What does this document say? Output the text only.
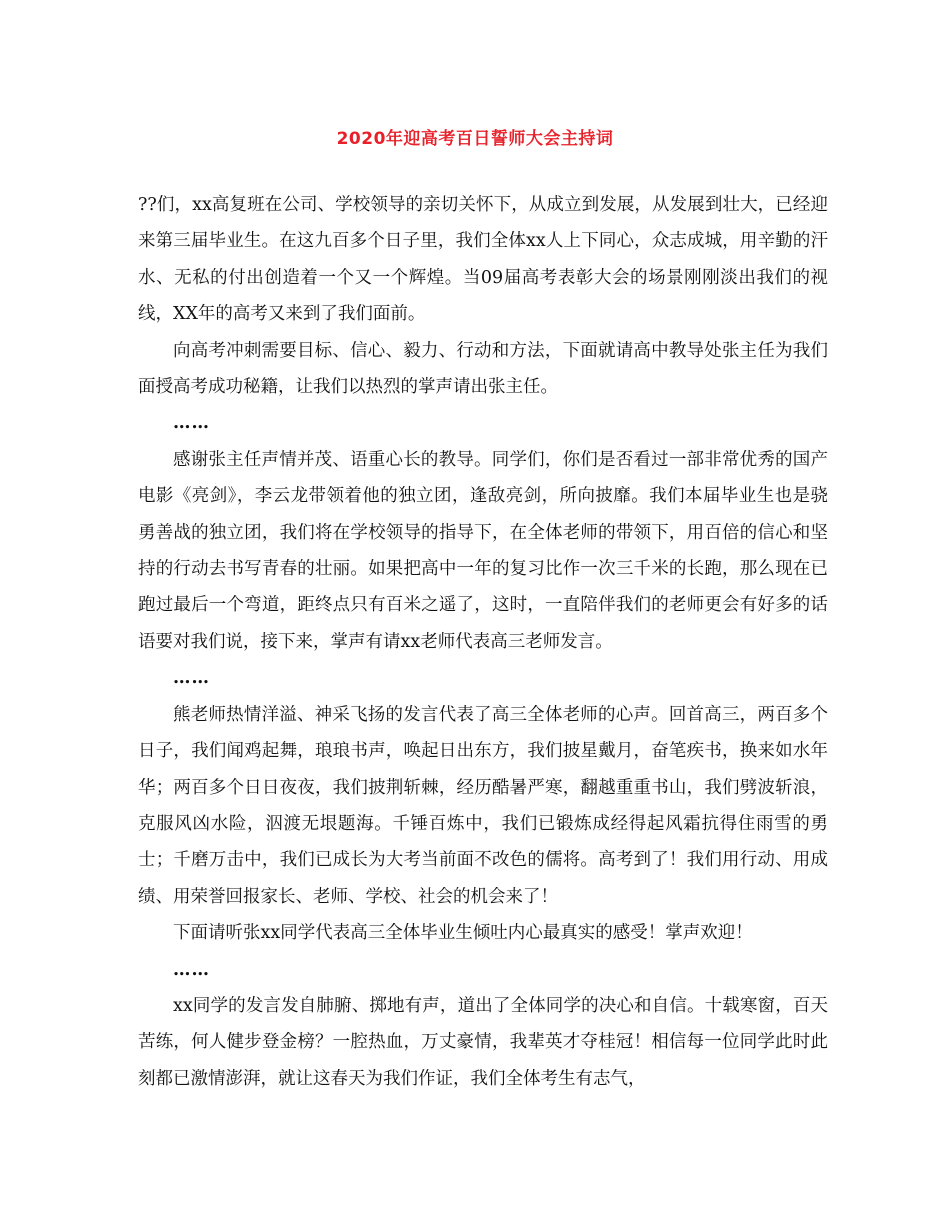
2020年迎高考百日誓师大会主持词

??们，xx高复班在公司、学校领导的亲切关怀下，从成立到发展，从发展到壮大，已经迎来第三届毕业生。在这九百多个日子里，我们全体xx人上下同心，众志成城，用辛勤的汗水、无私的付出创造着一个又一个辉煌。当09届高考表彰大会的场景刚刚淡出我们的视线，XX年的高考又来到了我们面前。

向高考冲刺需要目标、信心、毅力、行动和方法，下面就请高中教导处张主任为我们面授高考成功秘籍，让我们以热烈的掌声请出张主任。

……

感谢张主任声情并茂、语重心长的教导。同学们，你们是否看过一部非常优秀的国产电影《亮剑》，李云龙带领着他的独立团，逢敌亮剑，所向披靡。我们本届毕业生也是骁勇善战的独立团，我们将在学校领导的指导下，在全体老师的带领下，用百倍的信心和坚持的行动去书写青春的壮丽。如果把高中一年的复习比作一次三千米的长跑，那么现在已跑过最后一个弯道，距终点只有百米之遥了，这时，一直陪伴我们的老师更会有好多的话语要对我们说，接下来，掌声有请xx老师代表高三老师发言。

……

熊老师热情洋溢、神采飞扬的发言代表了高三全体老师的心声。回首高三，两百多个日子，我们闻鸡起舞，琅琅书声，唤起日出东方，我们披星戴月，奋笔疾书，换来如水年华；两百多个日日夜夜，我们披荆斩棘，经历酷暑严寒，翻越重重书山，我们劈波斩浪，克服风凶水险，泅渡无垠题海。千锤百炼中，我们已锻炼成经得起风霜抗得住雨雪的勇士；千磨万击中，我们已成长为大考当前面不改色的儒将。高考到了！我们用行动、用成绩、用荣誉回报家长、老师、学校、社会的机会来了！

下面请听张xx同学代表高三全体毕业生倾吐内心最真实的感受！掌声欢迎！

……

xx同学的发言发自肺腑、掷地有声，道出了全体同学的决心和自信。十载寒窗，百天苦练，何人健步登金榜？一腔热血，万丈豪情，我辈英才夺桂冠！相信每一位同学此时此刻都已激情澎湃，就让这春天为我们作证，我们全体考生有志气，
